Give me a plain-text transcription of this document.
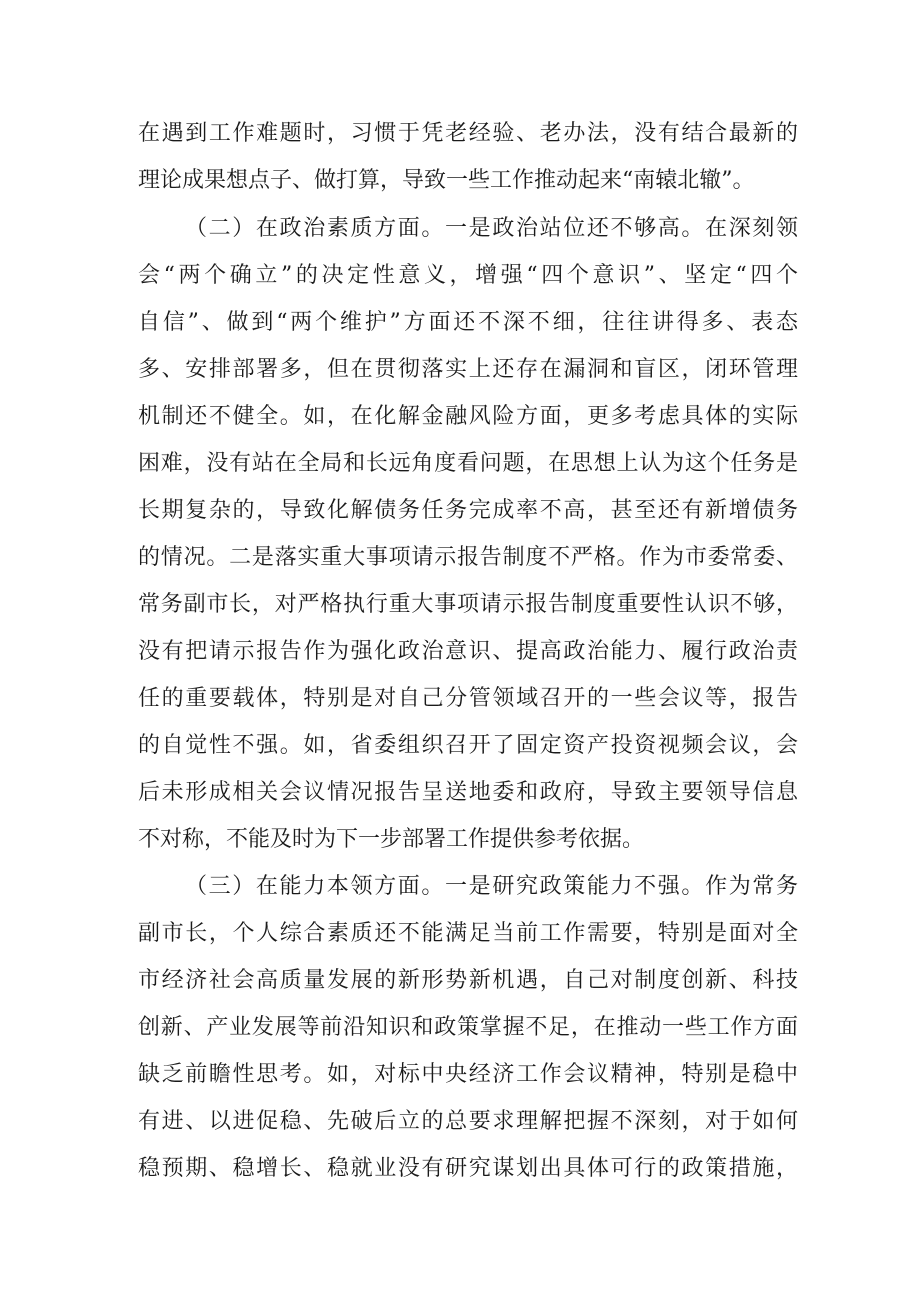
在遇到工作难题时，习惯于凭老经验、老办法，没有结合最新的
理论成果想点子、做打算，导致一些工作推动起来“南辕北辙”。
（二）在政治素质方面。一是政治站位还不够高。在深刻领
会“两个确立”的决定性意义，增强“四个意识”、坚定“四个
自信”、做到“两个维护”方面还不深不细，往往讲得多、表态
多、安排部署多，但在贯彻落实上还存在漏洞和盲区，闭环管理
机制还不健全。如，在化解金融风险方面，更多考虑具体的实际
困难，没有站在全局和长远角度看问题，在思想上认为这个任务是
长期复杂的，导致化解债务任务完成率不高，甚至还有新增债务
的情况。二是落实重大事项请示报告制度不严格。作为市委常委、
常务副市长，对严格执行重大事项请示报告制度重要性认识不够，
没有把请示报告作为强化政治意识、提高政治能力、履行政治责
任的重要载体，特别是对自己分管领域召开的一些会议等，报告
的自觉性不强。如，省委组织召开了固定资产投资视频会议，会
后未形成相关会议情况报告呈送地委和政府，导致主要领导信息
不对称，不能及时为下一步部署工作提供参考依据。
（三）在能力本领方面。一是研究政策能力不强。作为常务
副市长，个人综合素质还不能满足当前工作需要，特别是面对全
市经济社会高质量发展的新形势新机遇，自己对制度创新、科技
创新、产业发展等前沿知识和政策掌握不足，在推动一些工作方面
缺乏前瞻性思考。如，对标中央经济工作会议精神，特别是稳中
有进、以进促稳、先破后立的总要求理解把握不深刻，对于如何
稳预期、稳增长、稳就业没有研究谋划出具体可行的政策措施，
